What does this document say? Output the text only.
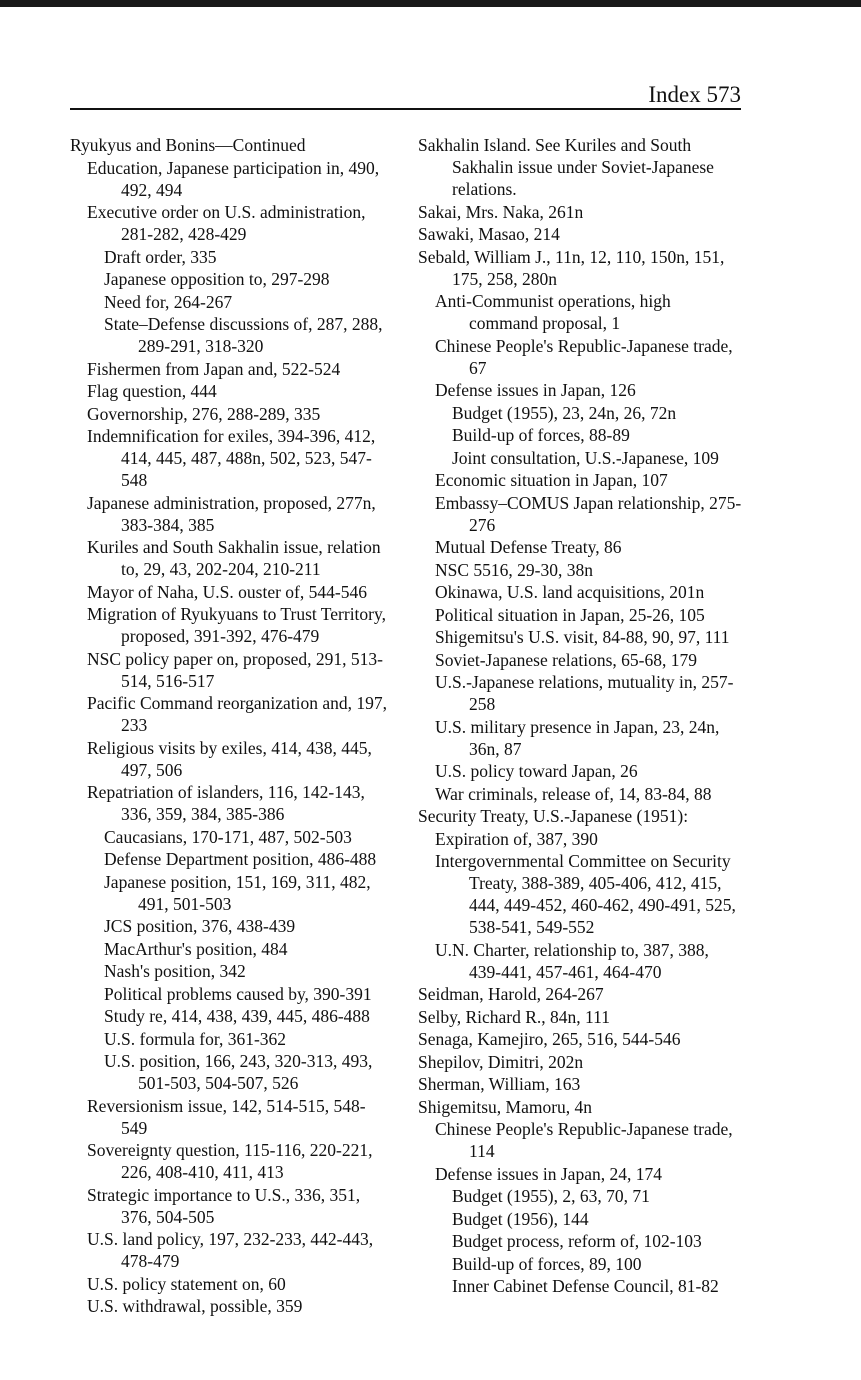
Index 573
Ryukyus and Bonins—Continued
Education, Japanese participation in, 490, 492, 494
Executive order on U.S. administration, 281-282, 428-429
Draft order, 335
Japanese opposition to, 297-298
Need for, 264-267
State–Defense discussions of, 287, 288, 289-291, 318-320
Fishermen from Japan and, 522-524
Flag question, 444
Governorship, 276, 288-289, 335
Indemnification for exiles, 394-396, 412, 414, 445, 487, 488n, 502, 523, 547-548
Japanese administration, proposed, 277n, 383-384, 385
Kuriles and South Sakhalin issue, relation to, 29, 43, 202-204, 210-211
Mayor of Naha, U.S. ouster of, 544-546
Migration of Ryukyuans to Trust Territory, proposed, 391-392, 476-479
NSC policy paper on, proposed, 291, 513-514, 516-517
Pacific Command reorganization and, 197, 233
Religious visits by exiles, 414, 438, 445, 497, 506
Repatriation of islanders, 116, 142-143, 336, 359, 384, 385-386
Caucasians, 170-171, 487, 502-503
Defense Department position, 486-488
Japanese position, 151, 169, 311, 482, 491, 501-503
JCS position, 376, 438-439
MacArthur's position, 484
Nash's position, 342
Political problems caused by, 390-391
Study re, 414, 438, 439, 445, 486-488
U.S. formula for, 361-362
U.S. position, 166, 243, 320-313, 493, 501-503, 504-507, 526
Reversionism issue, 142, 514-515, 548-549
Sovereignty question, 115-116, 220-221, 226, 408-410, 411, 413
Strategic importance to U.S., 336, 351, 376, 504-505
U.S. land policy, 197, 232-233, 442-443, 478-479
U.S. policy statement on, 60
U.S. withdrawal, possible, 359
Sakhalin Island. See Kuriles and South Sakhalin issue under Soviet-Japanese relations.
Sakai, Mrs. Naka, 261n
Sawaki, Masao, 214
Sebald, William J., 11n, 12, 110, 150n, 151, 175, 258, 280n
Anti-Communist operations, high command proposal, 1
Chinese People's Republic-Japanese trade, 67
Defense issues in Japan, 126
Budget (1955), 23, 24n, 26, 72n
Build-up of forces, 88-89
Joint consultation, U.S.-Japanese, 109
Economic situation in Japan, 107
Embassy–COMUS Japan relationship, 275-276
Mutual Defense Treaty, 86
NSC 5516, 29-30, 38n
Okinawa, U.S. land acquisitions, 201n
Political situation in Japan, 25-26, 105
Shigemitsu's U.S. visit, 84-88, 90, 97, 111
Soviet-Japanese relations, 65-68, 179
U.S.-Japanese relations, mutuality in, 257-258
U.S. military presence in Japan, 23, 24n, 36n, 87
U.S. policy toward Japan, 26
War criminals, release of, 14, 83-84, 88
Security Treaty, U.S.-Japanese (1951):
Expiration of, 387, 390
Intergovernmental Committee on Security Treaty, 388-389, 405-406, 412, 415, 444, 449-452, 460-462, 490-491, 525, 538-541, 549-552
U.N. Charter, relationship to, 387, 388, 439-441, 457-461, 464-470
Seidman, Harold, 264-267
Selby, Richard R., 84n, 111
Senaga, Kamejiro, 265, 516, 544-546
Shepilov, Dimitri, 202n
Sherman, William, 163
Shigemitsu, Mamoru, 4n
Chinese People's Republic-Japanese trade, 114
Defense issues in Japan, 24, 174
Budget (1955), 2, 63, 70, 71
Budget (1956), 144
Budget process, reform of, 102-103
Build-up of forces, 89, 100
Inner Cabinet Defense Council, 81-82
